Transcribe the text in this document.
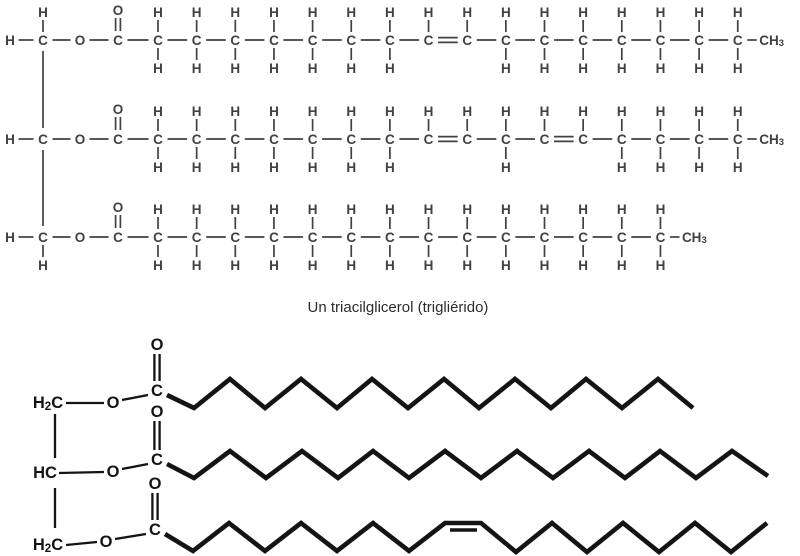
H C
H
O C
O
C
H
H
C
H
H
C
H
H
C
H
H
C
H
H
C
H
H
C
H
H
C
H
C
H
C
H
H
C
H
H
C
H
H
C
H
H
C
H
H
C
H
H
C
H
H
$CH_3$
H C O C
O
C
H
H
C
H
H
C
H
H
C
H
H
C
H
H
C
H
H
C
H
H
C
H
C
H
C
H
H
C
H
C
H
C
H
H
C
H
H
C
H
H
C
H
H
$CH_3$
H C
H
O C
O
C
H
H
C
H
H
C
H
H
C
H
H
C
H
H
C
H
H
C
H
H
C
H
H
C
H
H
C
H
H
C
H
H
C
H
H
C
H
H
C
H
H
$CH_3$
Un triacilglicerol (trigliérido)
$H_2C$	O
C
O
HC	O
C
O
$H_2C$ O
C
O
